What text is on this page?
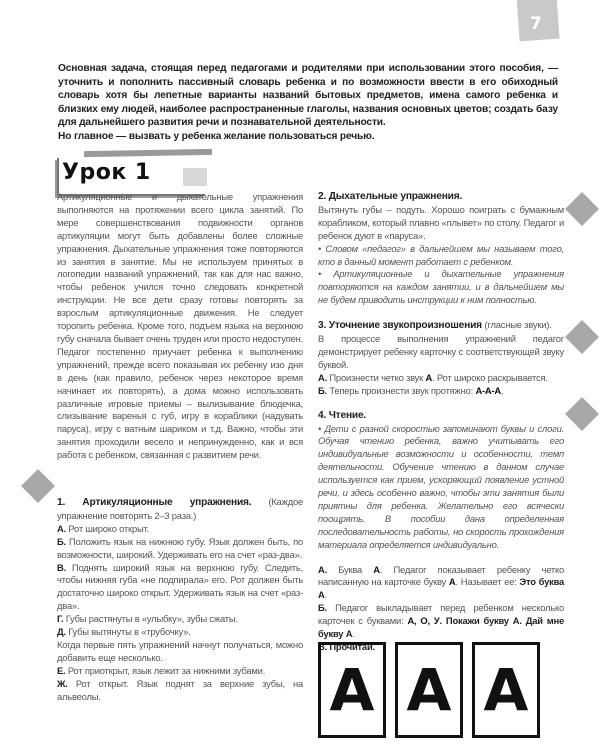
7

Основная задача, стоящая перед педагогами и родителями при использовании этого пособия, — уточнить и пополнить пассивный словарь ребенка и по возможности ввести в его обиходный словарь хотя бы лепетные варианты названий бытовых предметов, имена самого ребенка и близких ему людей, наиболее распространенные глаголы, названия основных цветов; создать базу для дальнейшего развития речи и познавательной деятельности.

Но главное — вызвать у ребенка желание пользоваться речью.

Урок 1

Артикуляционные и дыхательные упражнения выполняются на протяжении всего цикла занятий. По мере совершенствования подвижности органов артикуляции могут быть добавлены более сложные упражнения. Дыхательные упражнения тоже повторяются из занятия в занятие. Мы не используем принятых в логопедии названий упражнений, так как для нас важно, чтобы ребенок учился точно следовать конкретной инструкции. Не все дети сразу готовы повторять за взрослым артикуляционные движения. Не следует торопить ребенка. Кроме того, подъем языка на верхнюю губу сначала бывает очень труден или просто недоступен. Педагог постепенно приучает ребенка к выполнению упражнений, прежде всего показывая их ребенку изо дня в день (как правило, ребенок через некоторое время начинает их повторять), а дома можно использовать различные игровые приемы – вылизывание блюдечка, слизывание варенья с губ, игру в кораблики (надувать паруса), игру с ватным шариком и т.д. Важно, чтобы эти занятия проходили весело и непринужденно, как и вся работа с ребенком, связанная с развитием речи.

1. Артикуляционные упражнения. (Каждое упражнение повторять 2–3 раза.)

А. Рот широко открыт.

Б. Положить язык на нижнюю губу. Язык должен быть, по возможности, широкий. Удерживать его на счет «раз-два».

В. Поднять широкий язык на верхнюю губу. Следить, чтобы нижняя губа «не подпирала» его. Рот должен быть достаточно широко открыт. Удерживать язык на счет «раз-два».

Г. Губы растянуты в «улыбку», зубы сжаты.

Д. Губы вытянуты в «трубочку».

Когда первые пять упражнений начнут получаться, можно добавить еще несколько.

Е. Рот приоткрыт, язык лежит за нижними зубами.

Ж. Рот открыт. Язык поднят за верхние зубы, на альвеолы.

2. Дыхательные упражнения.

Вытянуть губы – подуть. Хорошо поиграть с бумажным корабликом, который плавно «плывет» по столу. Педагог и ребенок дуют в «паруса».

• Словом «педагог» в дальнейшем мы называем того, кто в данный момент работает с ребенком.

• Артикуляционные и дыхательные упражнения повторяются на каждом занятии, и в дальнейшем мы не будем приводить инструкции к ним полностью.

3. Уточнение звукопроизношения (гласные звуки).

В процессе выполнения упражнений педагог демонстрирует ребенку карточку с соответствующей звуку буквой.

А. Произнести четко звук А. Рот широко раскрывается.

Б. Теперь произнести звук протяжно: А-А-А.

4. Чтение.

• Дети с разной скоростью запоминают буквы и слоги. Обучая чтению ребенка, важно учитывать его индивидуальные возможности и особенности, темп деятельности. Обучение чтению в данном случае используется как прием, ускоряющий появление устной речи, и здесь особенно важно, чтобы эти занятия были приятны для ребенка. Желательно его всячески поощрять. В пособии дана определенная последовательность работы, но скорость прохождения материала определяется индивидуально.

А. Буква А. Педагог показывает ребенку четко написанную на карточке букву А. Называет ее: Это буква А.

Б. Педагог выкладывает перед ребенком несколько карточек с буквами: А, О, У. Покажи букву А. Дай мне букву А.

В. Прочитай.

А А А
